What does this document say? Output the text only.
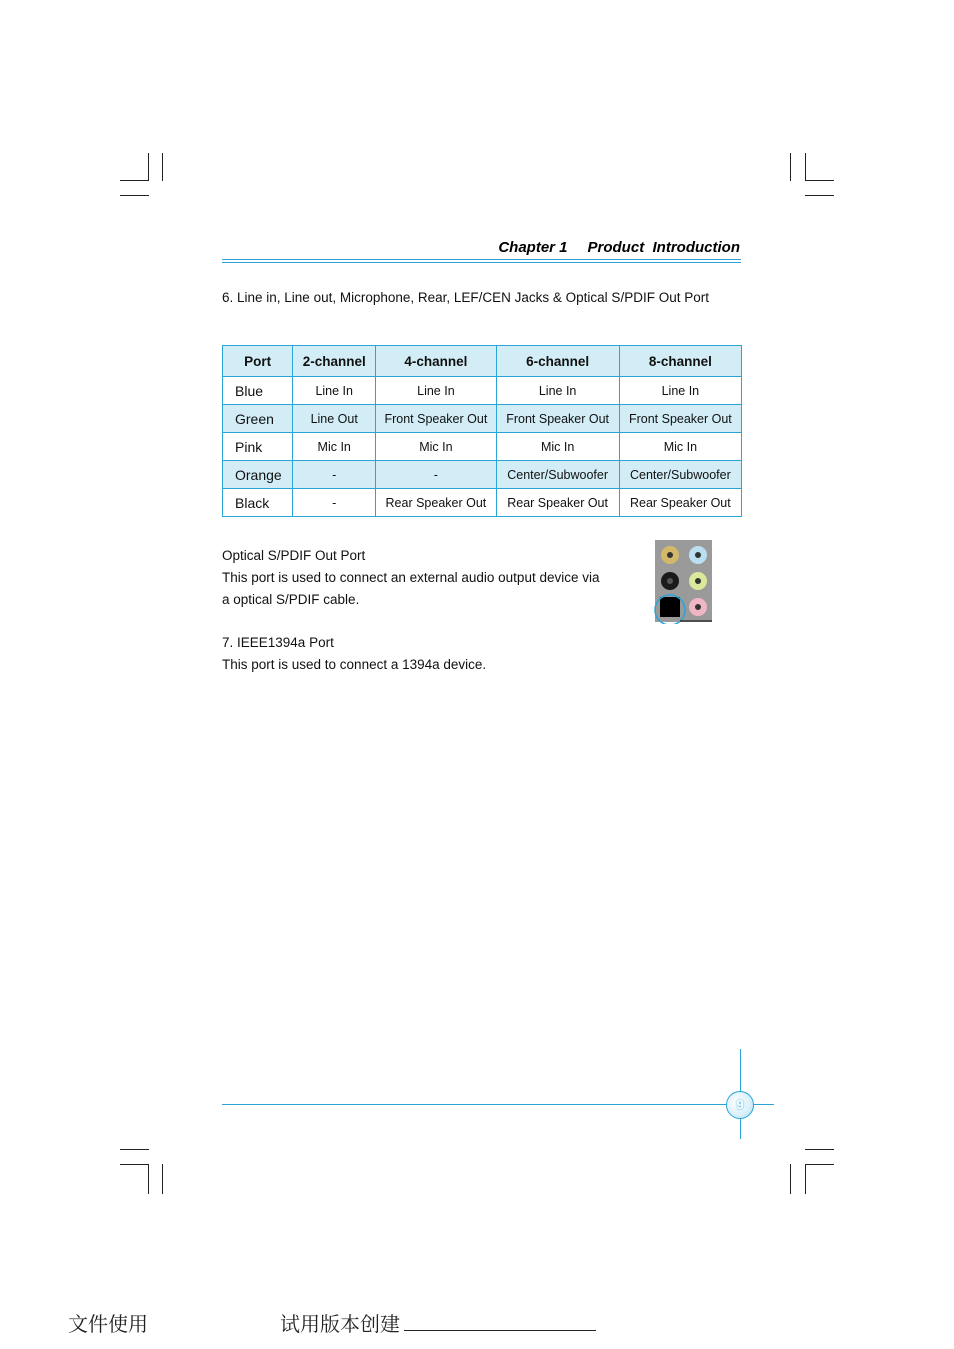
Chapter 1 Product  Introduction
6. Line in, Line out, Microphone, Rear, LEF/CEN Jacks & Optical S/PDIF Out Port
Port	2-channel	4-channel	6-channel	8-channel
Blue	Line In	Line In	Line In	Line In
Green	Line Out	Front Speaker Out	Front Speaker Out	Front Speaker Out
Pink	Mic In	Mic In	Mic In	Mic In
Orange	-	-	Center/Subwoofer	Center/Subwoofer
Black	-	Rear Speaker Out	Rear Speaker Out	Rear Speaker Out
Optical S/PDIF Out Port
This port is used to connect an external audio output device via
a optical S/PDIF cable.
7. IEEE1394a Port
This port is used to connect a 1394a device.
9
文件使用	试用版本创建
